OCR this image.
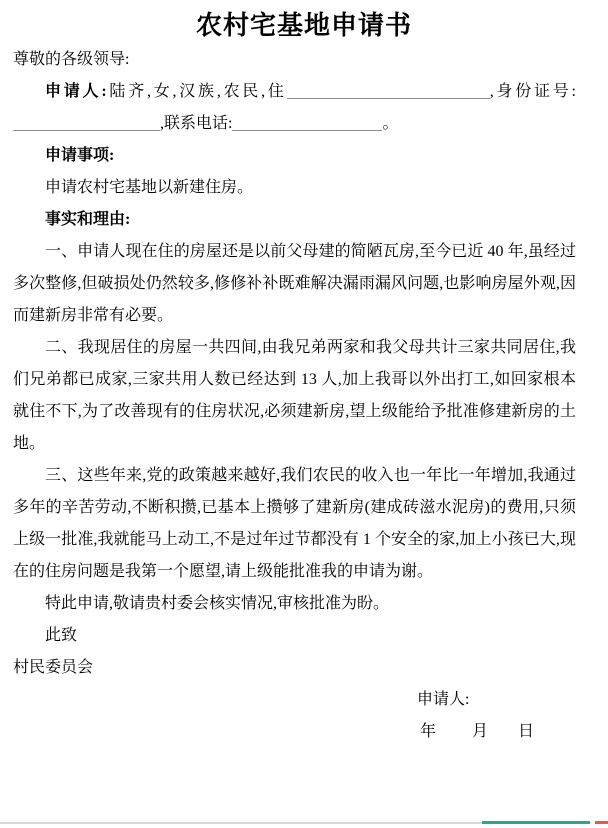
农村宅基地申请书

尊敬的各级领导:

申请人:陆齐,女,汉族,农民,住	,身份证号:,联系电话:	。

申请事项:

申请农村宅基地以新建住房。

事实和理由:

一、申请人现在住的房屋还是以前父母建的简陋瓦房,至今已近 40 年,虽经过多次整修,但破损处仍然较多,修修补补既难解决漏雨漏风问题,也影响房屋外观,因而建新房非常有必要。

二、我现居住的房屋一共四间,由我兄弟两家和我父母共计三家共同居住,我们兄弟都已成家,三家共用人数已经达到 13 人,加上我哥以外出打工,如回家根本就住不下,为了改善现有的住房状况,必须建新房,望上级能给予批准修建新房的土地。

三、这些年来,党的政策越来越好,我们农民的收入也一年比一年增加,我通过多年的辛苦劳动,不断积攒,已基本上攒够了建新房(建成砖滋水泥房)的费用,只须上级一批准,我就能马上动工,不是过年过节都没有 1 个安全的家,加上小孩已大,现在的住房问题是我第一个愿望,请上级能批准我的申请为谢。

特此申请,敬请贵村委会核实情况,审核批准为盼。

此致

村民委员会

申请人:

年 月 日
